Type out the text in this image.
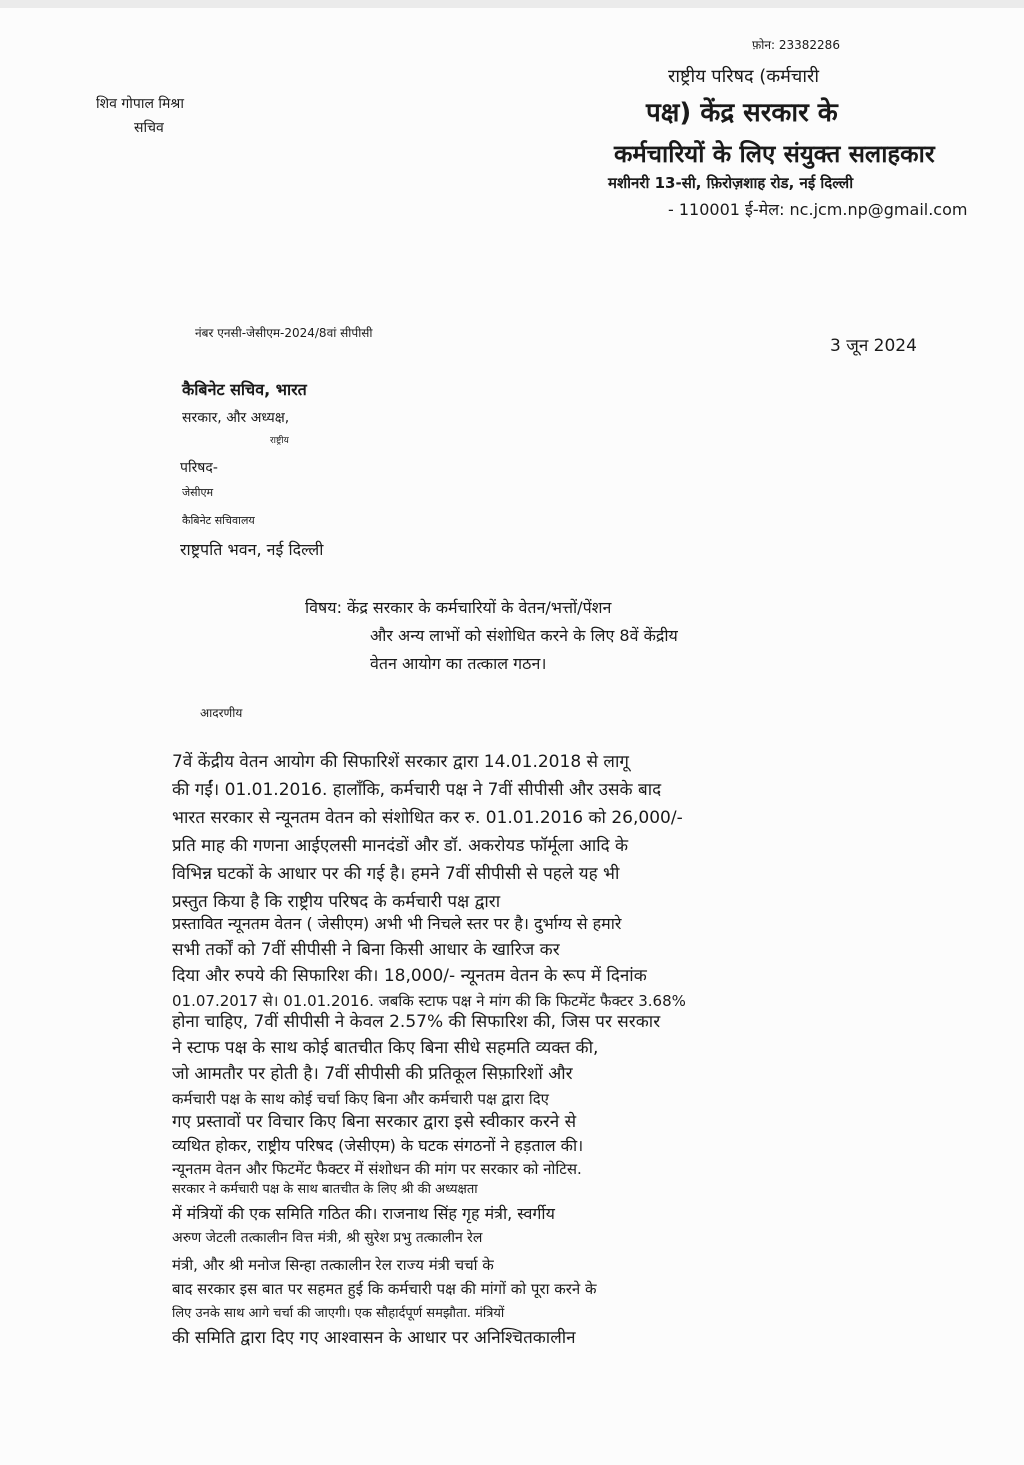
शिव गोपाल मिश्रा
सचिव
फ़ोन: 23382286
राष्ट्रीय परिषद (कर्मचारी
पक्ष) केंद्र सरकार के
कर्मचारियों के लिए संयुक्त सलाहकार
मशीनरी 13-सी, फ़िरोज़शाह रोड, नई दिल्ली
- 110001 ई-मेल: nc.jcm.np@gmail.com
नंबर एनसी-जेसीएम-2024/8वां सीपीसी
3 जून 2024
कैबिनेट सचिव, भारत
सरकार, और अध्यक्ष,
राष्ट्रीय
परिषद-
जेसीएम
कैबिनेट सचिवालय
राष्ट्रपति भवन, नई दिल्ली
विषय: केंद्र सरकार के कर्मचारियों के वेतन/भत्तों/पेंशन
और अन्य लाभों को संशोधित करने के लिए 8वें केंद्रीय
वेतन आयोग का तत्काल गठन।
आदरणीय
7वें केंद्रीय वेतन आयोग की सिफारिशें सरकार द्वारा 14.01.2018 से लागू
की गईं। 01.01.2016. हालाँकि, कर्मचारी पक्ष ने 7वीं सीपीसी और उसके बाद
भारत सरकार से न्यूनतम वेतन को संशोधित कर रु. 01.01.2016 को 26,000/-
प्रति माह की गणना आईएलसी मानदंडों और डॉ. अकरोयड फॉर्मूला आदि के
विभिन्न घटकों के आधार पर की गई है। हमने 7वीं सीपीसी से पहले यह भी
प्रस्तुत किया है कि राष्ट्रीय परिषद के कर्मचारी पक्ष द्वारा
प्रस्तावित न्यूनतम वेतन ( जेसीएम) अभी भी निचले स्तर पर है। दुर्भाग्य से हमारे
सभी तर्कों को 7वीं सीपीसी ने बिना किसी आधार के खारिज कर
दिया और रुपये की सिफारिश की। 18,000/- न्यूनतम वेतन के रूप में दिनांक
01.07.2017 से। 01.01.2016. जबकि स्टाफ पक्ष ने मांग की कि फिटमेंट फैक्टर 3.68%
होना चाहिए, 7वीं सीपीसी ने केवल 2.57% की सिफारिश की, जिस पर सरकार
ने स्टाफ पक्ष के साथ कोई बातचीत किए बिना सीधे सहमति व्यक्त की,
जो आमतौर पर होती है। 7वीं सीपीसी की प्रतिकूल सिफ़ारिशों और
कर्मचारी पक्ष के साथ कोई चर्चा किए बिना और कर्मचारी पक्ष द्वारा दिए
गए प्रस्तावों पर विचार किए बिना सरकार द्वारा इसे स्वीकार करने से
व्यथित होकर, राष्ट्रीय परिषद (जेसीएम) के घटक संगठनों ने हड़ताल की।
न्यूनतम वेतन और फिटमेंट फैक्टर में संशोधन की मांग पर सरकार को नोटिस.
सरकार ने कर्मचारी पक्ष के साथ बातचीत के लिए श्री की अध्यक्षता
में मंत्रियों की एक समिति गठित की। राजनाथ सिंह गृह मंत्री, स्वर्गीय
अरुण जेटली तत्कालीन वित्त मंत्री, श्री सुरेश प्रभु तत्कालीन रेल
मंत्री, और श्री मनोज सिन्हा तत्कालीन रेल राज्य मंत्री चर्चा के
बाद सरकार इस बात पर सहमत हुई कि कर्मचारी पक्ष की मांगों को पूरा करने के
लिए उनके साथ आगे चर्चा की जाएगी। एक सौहार्दपूर्ण समझौता. मंत्रियों
की समिति द्वारा दिए गए आश्वासन के आधार पर अनिश्चितकालीन
